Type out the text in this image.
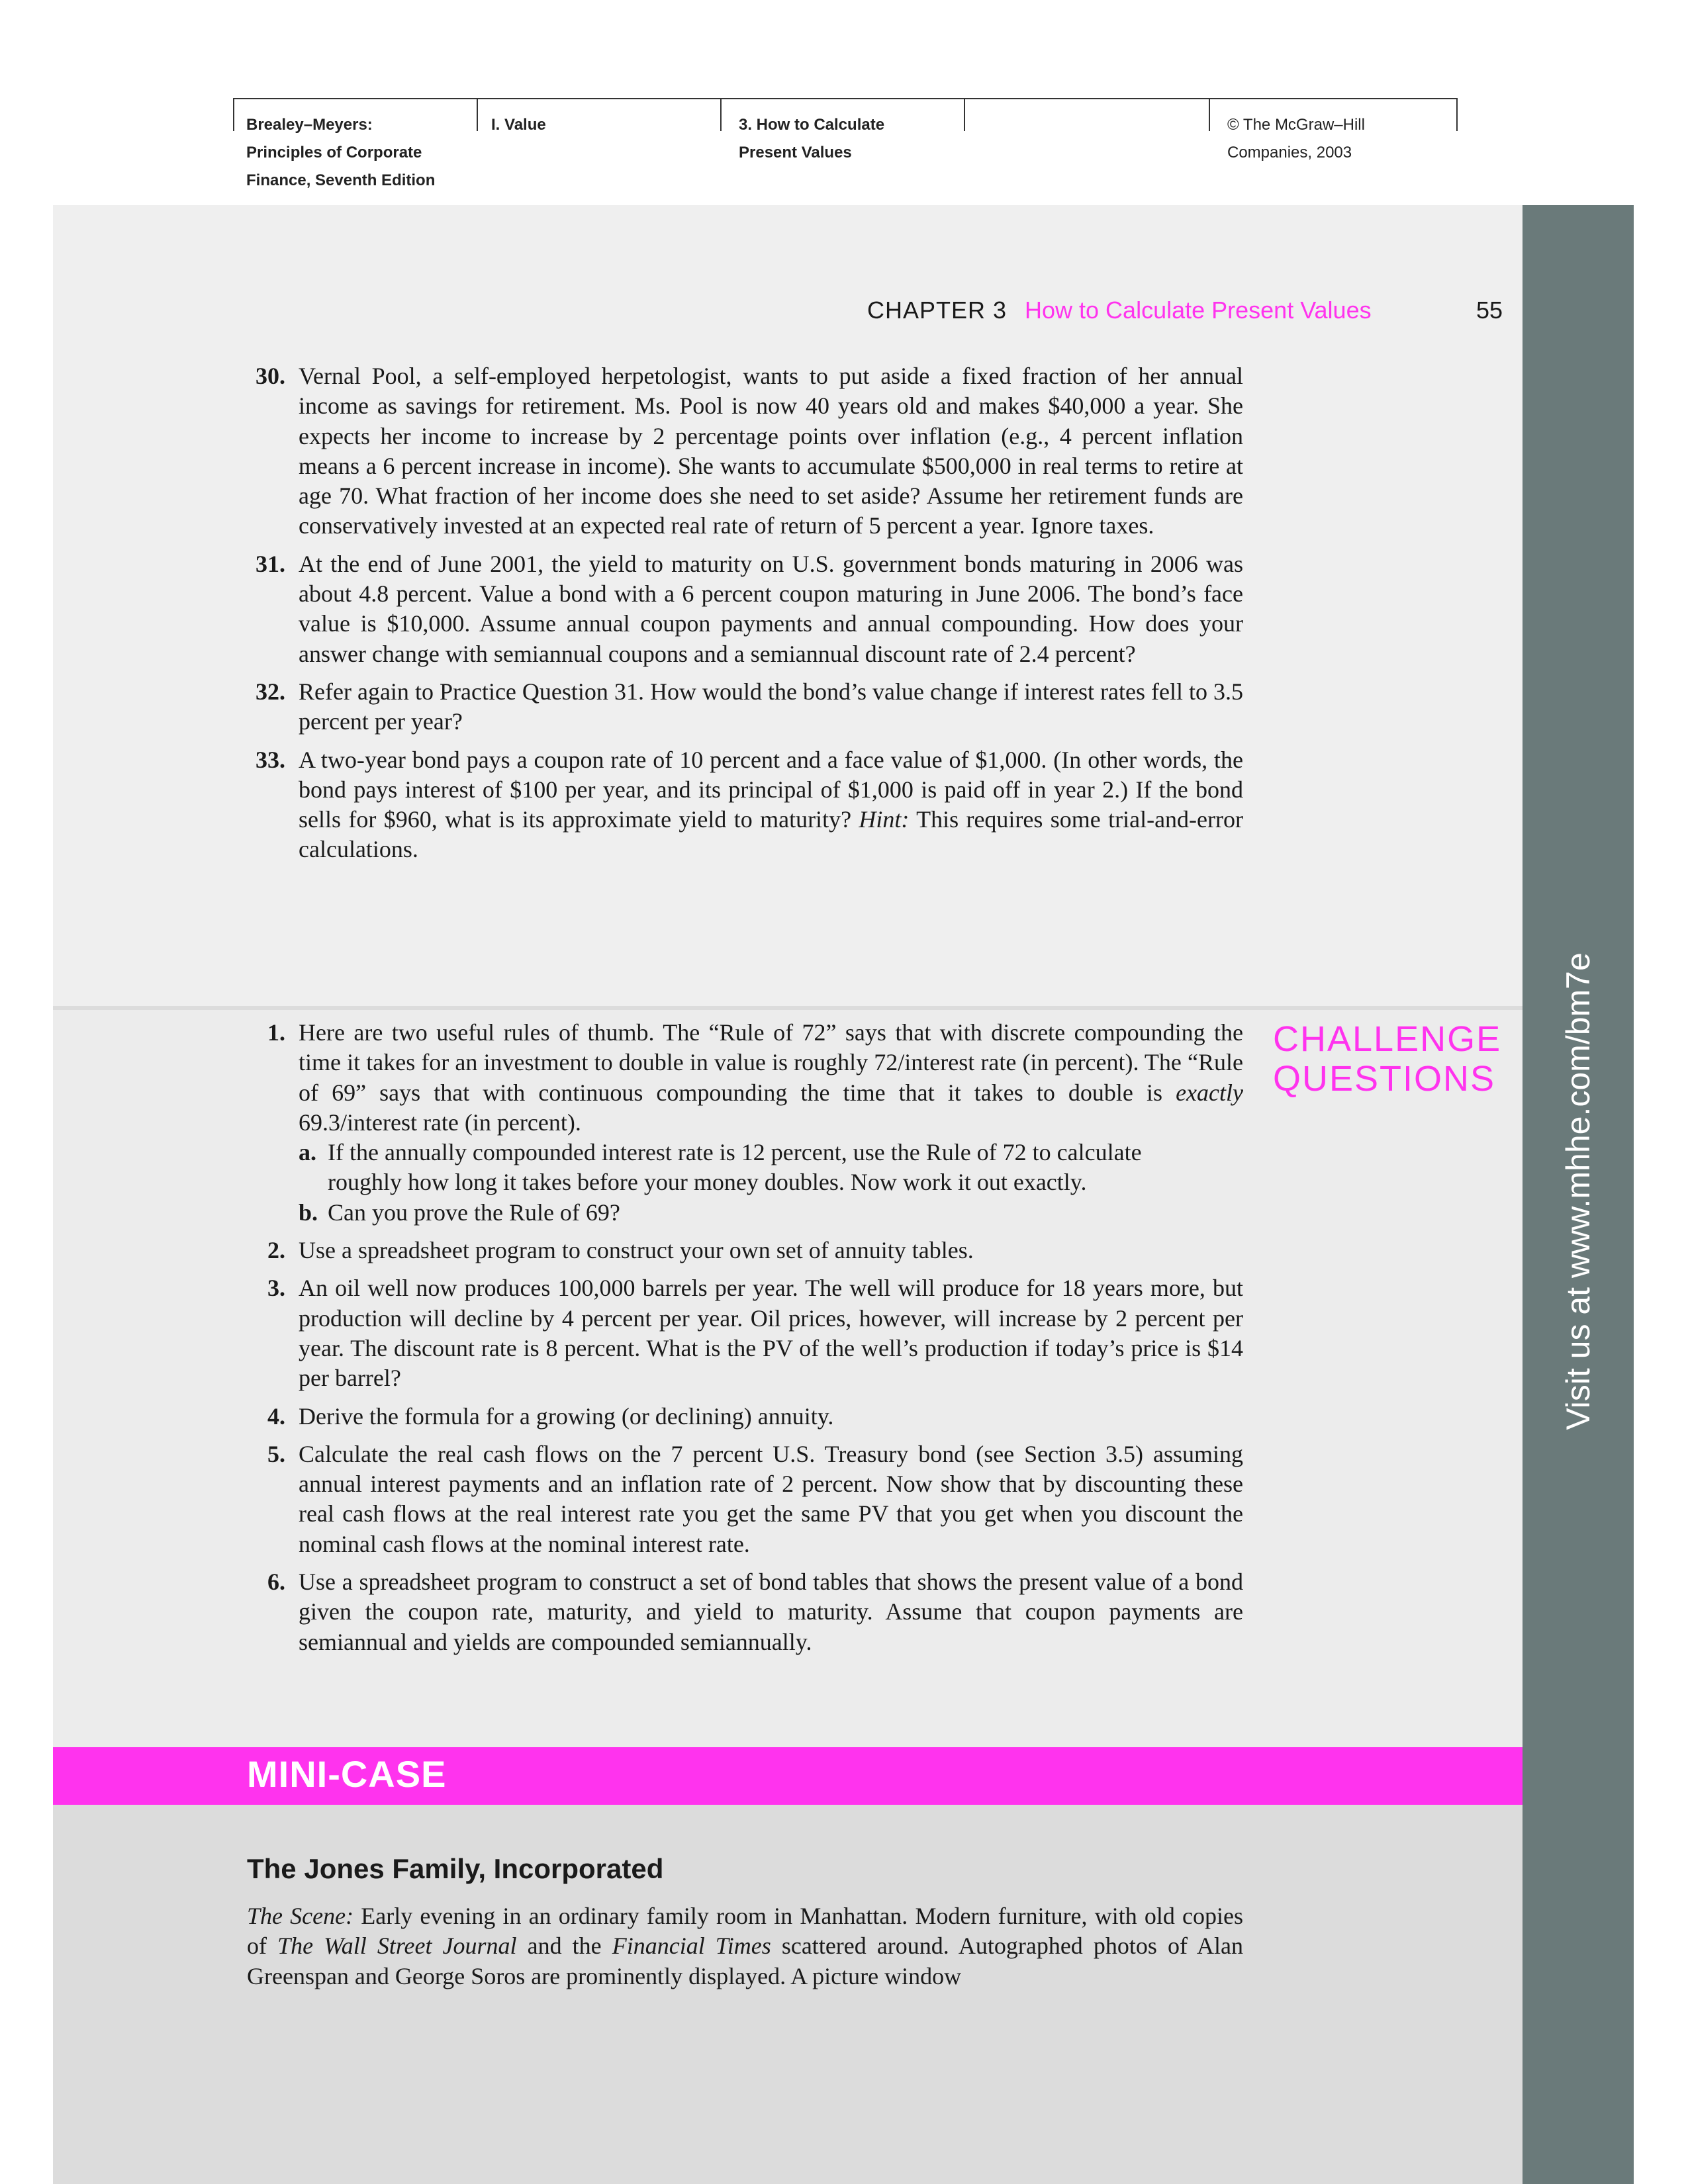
Brealey–Meyers:
Principles of Corporate
Finance, Seventh Edition
I. Value	3. How to Calculate
Present Values
© The McGraw–Hill
Companies, 2003
MINI-CASE
Visit us at www.mhhe.com/bm7e
CHAPTER 3 How to Calculate Present Values	55
30. Vernal Pool, a self-employed herpetologist, wants to put aside a fixed fraction of her annual income as savings for retirement. Ms. Pool is now 40 years old and makes $40,000 a year. She expects her income to increase by 2 percentage points over inflation (e.g., 4 percent inflation means a 6 percent increase in income). She wants to accumulate $500,000 in real terms to retire at age 70. What fraction of her income does she need to set aside? Assume her retirement funds are conservatively invested at an expected real rate of return of 5 percent a year. Ignore taxes.
31. At the end of June 2001, the yield to maturity on U.S. government bonds maturing in 2006 was about 4.8 percent. Value a bond with a 6 percent coupon maturing in June 2006. The bond’s face value is $10,000. Assume annual coupon payments and annual compounding. How does your answer change with semiannual coupons and a semiannual discount rate of 2.4 percent?
32. Refer again to Practice Question 31. How would the bond’s value change if interest rates fell to 3.5 percent per year?
33. A two-year bond pays a coupon rate of 10 percent and a face value of $1,000. (In other words, the bond pays interest of $100 per year, and its principal of $1,000 is paid off in year 2.) If the bond sells for $960, what is its approximate yield to maturity? Hint: This requires some trial-and-error calculations.
CHALLENGE
QUESTIONS
1. Here are two useful rules of thumb. The “Rule of 72” says that with discrete compounding the time it takes for an investment to double in value is roughly 72/interest rate (in percent). The “Rule of 69” says that with continuous compounding the time that it takes to double is exactly 69.3/interest rate (in percent).
a. If the annually compounded interest rate is 12 percent, use the Rule of 72 to calculate roughly how long it takes before your money doubles. Now work it out exactly.
b. Can you prove the Rule of 69?
2. Use a spreadsheet program to construct your own set of annuity tables.
3. An oil well now produces 100,000 barrels per year. The well will produce for 18 years more, but production will decline by 4 percent per year. Oil prices, however, will increase by 2 percent per year. The discount rate is 8 percent. What is the PV of the well’s production if today’s price is $14 per barrel?
4. Derive the formula for a growing (or declining) annuity.
5. Calculate the real cash flows on the 7 percent U.S. Treasury bond (see Section 3.5) assuming annual interest payments and an inflation rate of 2 percent. Now show that by discounting these real cash flows at the real interest rate you get the same PV that you get when you discount the nominal cash flows at the nominal interest rate.
6. Use a spreadsheet program to construct a set of bond tables that shows the present value of a bond given the coupon rate, maturity, and yield to maturity. Assume that coupon payments are semiannual and yields are compounded semiannually.
The Jones Family, Incorporated
The Scene: Early evening in an ordinary family room in Manhattan. Modern furniture, with old copies of The Wall Street Journal and the Financial Times scattered around. Autographed photos of Alan Greenspan and George Soros are prominently displayed. A picture window
